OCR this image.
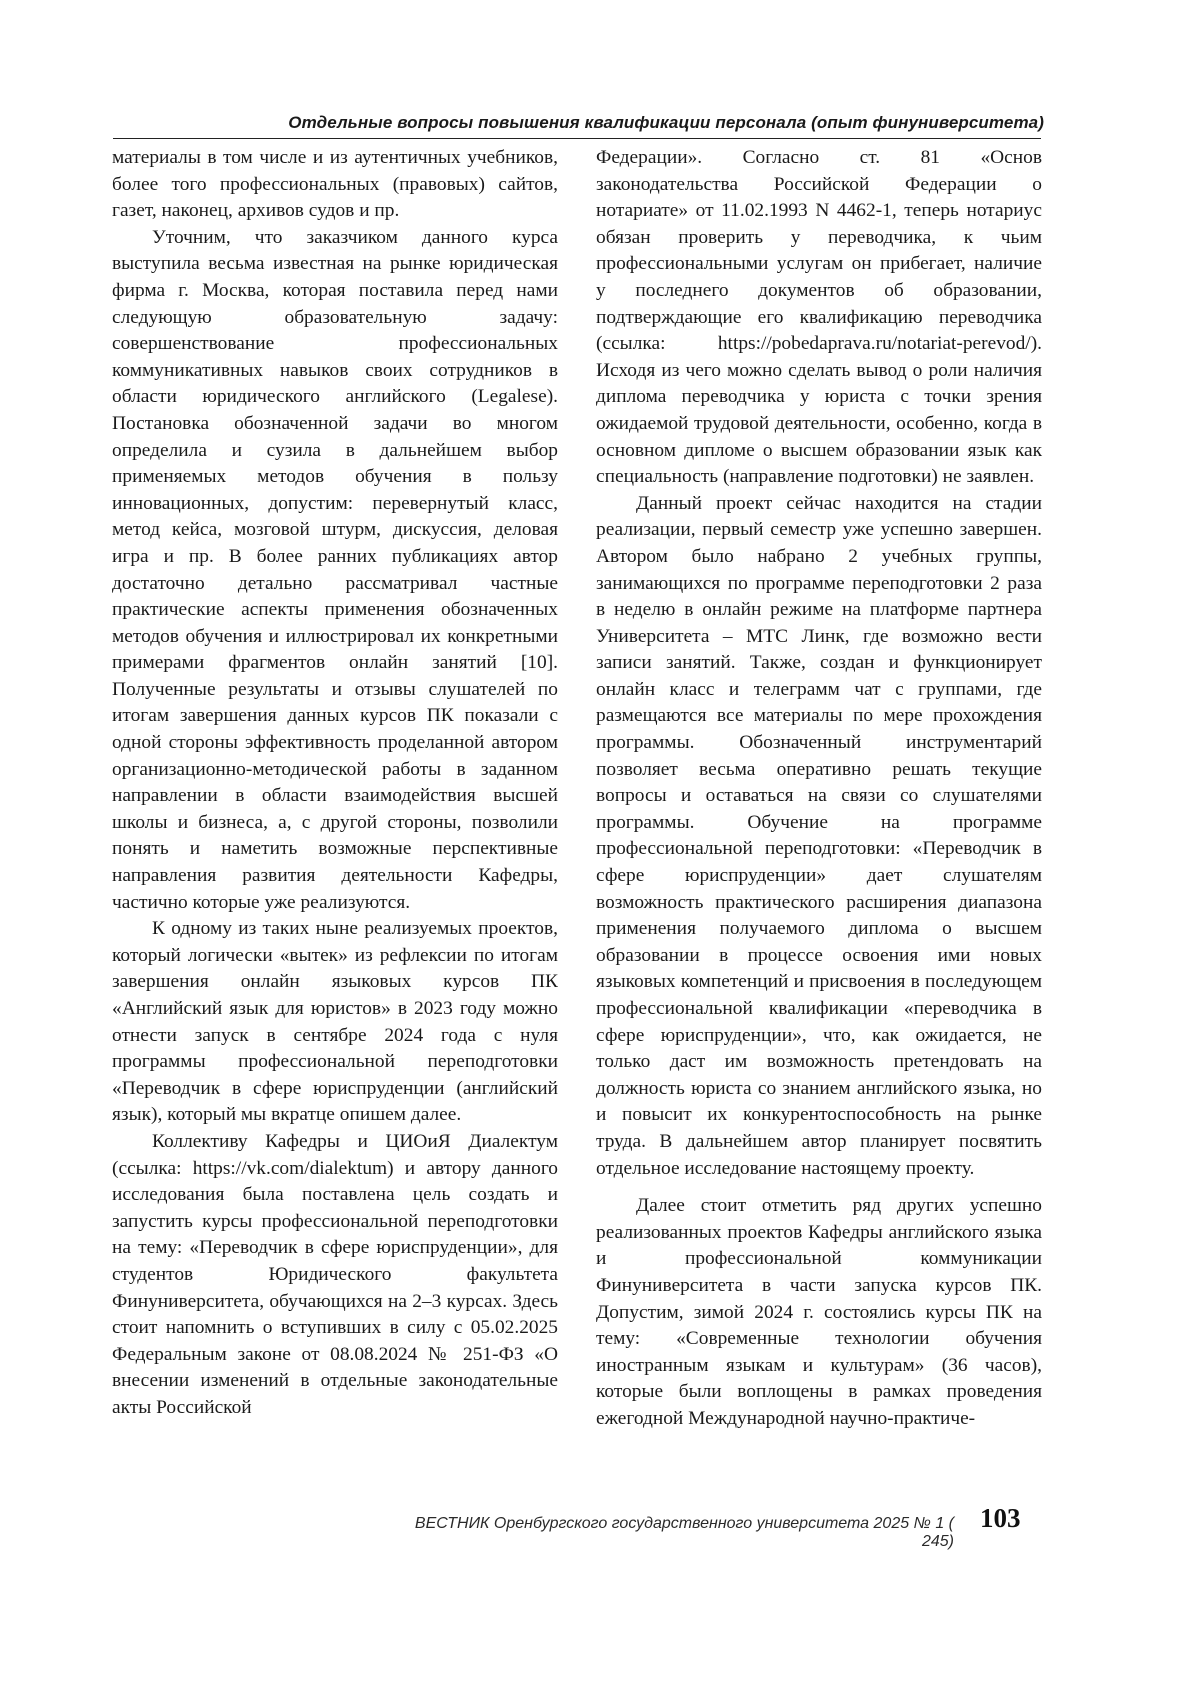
Отдельные вопросы повышения квалификации персонала (опыт финуниверситета)

материалы в том числе и из аутентичных учебников, более того профессиональных (правовых) сайтов, газет, наконец, архивов судов и пр.

Уточним, что заказчиком данного курса выступила весьма известная на рынке юридическая фирма г. Москва, которая поставила перед нами следующую образовательную задачу: совершенствование профессиональных коммуникативных навыков своих сотрудников в области юридического английского (Legalese). Постановка обозначенной задачи во многом определила и сузила в дальнейшем выбор применяемых методов обучения в пользу инновационных, допустим: перевернутый класс, метод кейса, мозговой штурм, дискуссия, деловая игра и пр. В более ранних публикациях автор достаточно детально рассматривал частные практические аспекты применения обозначенных методов обучения и иллюстрировал их конкретными примерами фрагментов онлайн занятий [10]. Полученные результаты и отзывы слушателей по итогам завершения данных курсов ПК показали с одной стороны эффективность проделанной автором организационно-методической работы в заданном направлении в области взаимодействия высшей школы и бизнеса, а, с другой стороны, позволили понять и наметить возможные перспективные направления развития деятельности Кафедры, частично которые уже реализуются.

К одному из таких ныне реализуемых проектов, который логически «вытек» из рефлексии по итогам завершения онлайн языковых курсов ПК «Английский язык для юристов» в 2023 году можно отнести запуск в сентябре 2024 года с нуля программы профессиональной переподготовки «Переводчик в сфере юриспруденции (английский язык), который мы вкратце опишем далее.

Коллективу Кафедры и ЦИОиЯ Диалектум (ссылка: https://vk.com/dialektum) и автору данного исследования была поставлена цель создать и запустить курсы профессиональной переподготовки на тему: «Переводчик в сфере юриспруденции», для студентов Юридического факультета Финуниверситета, обучающихся на 2–3 курсах. Здесь стоит напомнить о вступивших в силу с 05.02.2025 Федеральным законе от 08.08.2024 № 251-ФЗ «О внесении изменений в отдельные законодательные акты Российской

Федерации». Согласно ст. 81 «Основ законодательства Российской Федерации о нотариате» от 11.02.1993 N 4462-1, теперь нотариус обязан проверить у переводчика, к чьим профессиональными услугам он прибегает, наличие у последнего документов об образовании, подтверждающие его квалификацию переводчика (ссылка: https://pobedaprava.ru/notariat-perevod/). Исходя из чего можно сделать вывод о роли наличия диплома переводчика у юриста с точки зрения ожидаемой трудовой деятельности, особенно, когда в основном дипломе о высшем образовании язык как специальность (направление подготовки) не заявлен.

Данный проект сейчас находится на стадии реализации, первый семестр уже успешно завершен. Автором было набрано 2 учебных группы, занимающихся по программе переподготовки 2 раза в неделю в онлайн режиме на платформе партнера Университета – МТС Линк, где возможно вести записи занятий. Также, создан и функционирует онлайн класс и телеграмм чат с группами, где размещаются все материалы по мере прохождения программы. Обозначенный инструментарий позволяет весьма оперативно решать текущие вопросы и оставаться на связи со слушателями программы. Обучение на программе профессиональной переподготовки: «Переводчик в сфере юриспруденции» дает слушателям возможность практического расширения диапазона применения получаемого диплома о высшем образовании в процессе освоения ими новых языковых компетенций и присвоения в последующем профессиональной квалификации «переводчика в сфере юриспруденции», что, как ожидается, не только даст им возможность претендовать на должность юриста со знанием английского языка, но и повысит их конкурентоспособность на рынке труда. В дальнейшем автор планирует посвятить отдельное исследование настоящему проекту.

Далее стоит отметить ряд других успешно реализованных проектов Кафедры английского языка и профессиональной коммуникации Финуниверситета в части запуска курсов ПК. Допустим, зимой 2024 г. состоялись курсы ПК на тему: «Современные технологии обучения иностранным языкам и культурам» (36 часов), которые были воплощены в рамках проведения ежегодной Международной научно-практиче-

ВЕСТНИК Оренбургского государственного университета 2025 № 1 ( 245)
103
